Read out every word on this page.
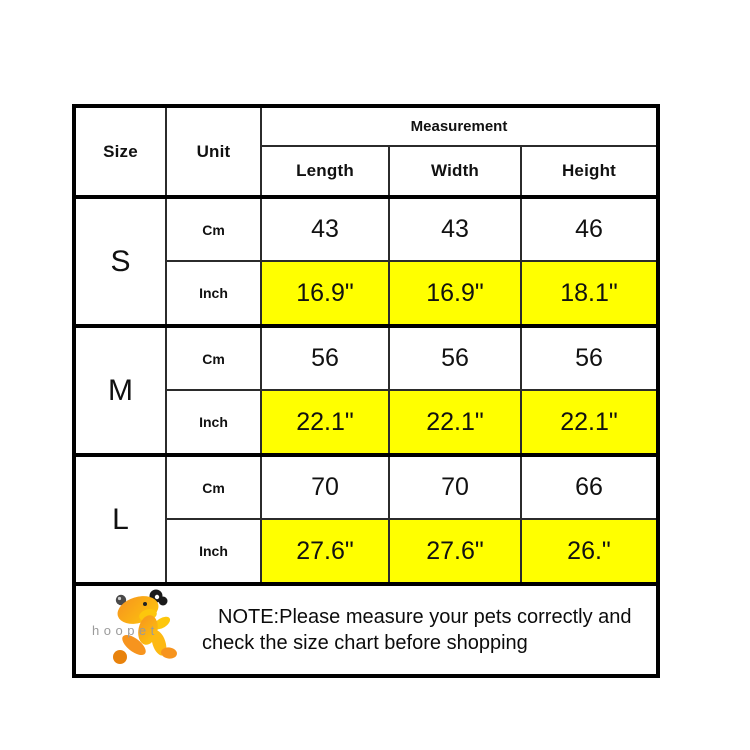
Size	Unit	Measurement		
		Length	Width	Height
S	Cm	43	43	46
	Inch	16.9"	16.9"	18.1"
M	Cm	56	56	56
	Inch	22.1"	22.1"	22.1"
L	Cm	70	70	66
	Inch	27.6"	27.6"	26."

hoopet
NOTE:Please measure your pets correctly and check the size chart before shopping				
